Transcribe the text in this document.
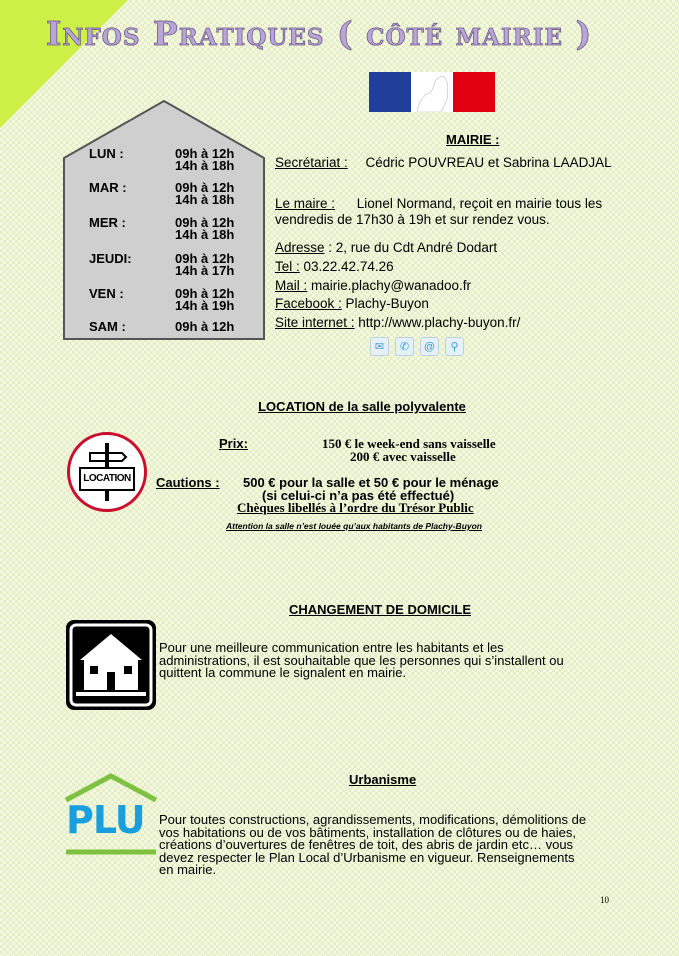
Infos Pratiques ( côté mairie )
LUN :	09h à 12h
14h à 18h
MAR :	09h à 12h
14h à 18h
MER :	09h à 12h
14h à 18h
JEUDI:	09h à 12h
14h à 17h
VEN :	09h à 12h
14h à 19h
SAM :	09h à 12h
MAIRIE :
Secrétariat : Cédric POUVREAU et Sabrina LAADJAL
Le maire : Lionel Normand, reçoit en mairie tous les
vendredis de 17h30 à 19h et sur rendez vous.
Adresse : 2, rue du Cdt André Dodart
Tel : 03.22.42.74.26
Mail : mairie.plachy@wanadoo.fr
Facebook : Plachy-Buyon
Site internet : http://www.plachy-buyon.fr/
✉	✆	@	⚲
LOCATION de la salle polyvalente
LOCATION
Prix:	150 € le week-end sans vaisselle
200 € avec vaisselle
Cautions : 500 € pour la salle et 50 € pour le ménage
(si celui-ci n’a pas été effectué)
Chèques libellés à l’ordre du Trésor Public
Attention la salle n’est louée qu’aux habitants de Plachy-Buyon
CHANGEMENT DE DOMICILE
Pour une meilleure communication entre les habitants et les
administrations, il est souhaitable que les personnes qui s’installent ou
quittent la commune le signalent en mairie.
Urbanisme
PLU Pour toutes constructions, agrandissements, modifications, démolitions de
vos habitations ou de vos bâtiments, installation de clôtures ou de haies,
créations d’ouvertures de fenêtres de toit, des abris de jardin etc… vous
devez respecter le Plan Local d’Urbanisme en vigueur. Renseignements
en mairie.
10
